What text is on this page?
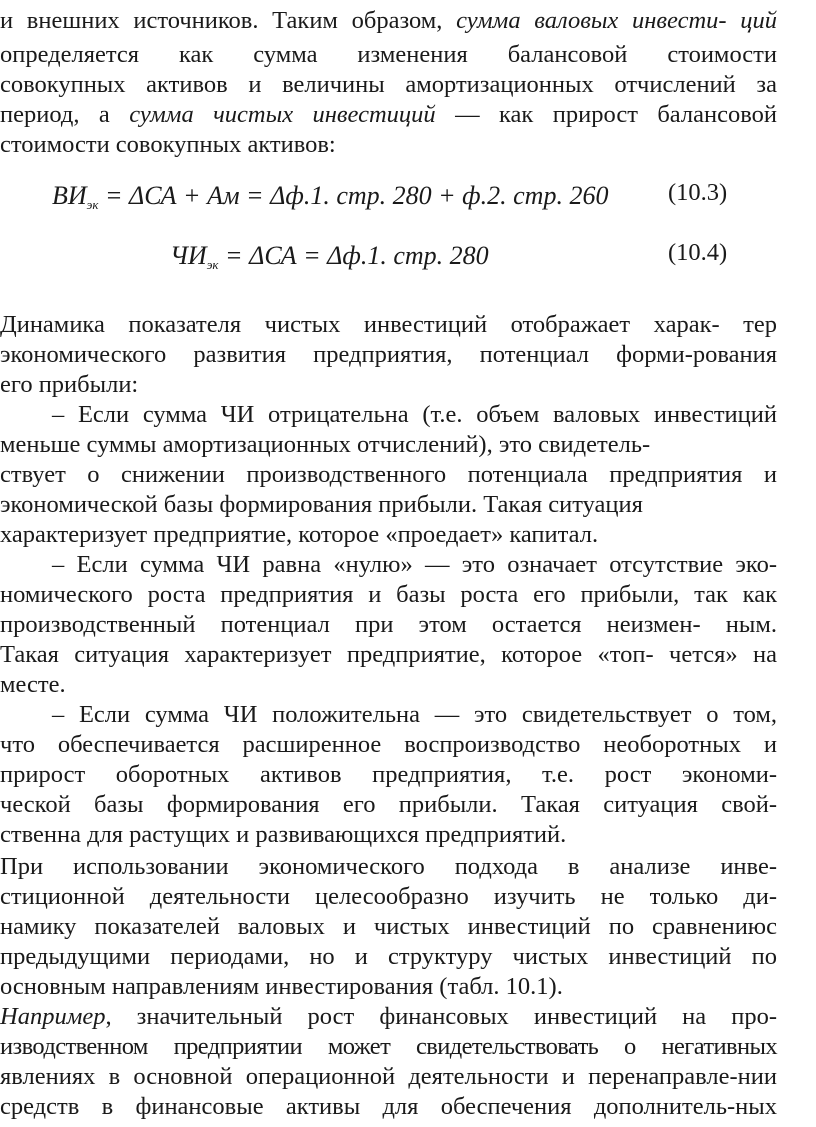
и внешних источников. Таким образом, сумма валовых инвести- ций
определяется как сумма изменения балансовой стоимости
совокупных активов и величины амортизационных отчислений за
период, а сумма чистых инвестиций — как прирост балансовой
стоимости совокупных активов:
$ВИ_{эк} = \Delta СА$ + Ам = Δф.1. стр. 280 + ф.2. стр. 260 (10.3)
$ЧИ_{эк} = \Delta СА = \Delta ф.1$. стр. 280	(10.4)
Динамика показателя чистых инвестиций отображает харак- тер
экономического развития предприятия, потенциал форми-рования
его прибыли:
– Если сумма ЧИ отрицательна (т.е. объем валовых инвестиций
меньше суммы амортизационных отчислений), это свидетель-
ствует о снижении производственного потенциала предприятия и
экономической базы формирования прибыли. Такая ситуация
характеризует предприятие, которое «проедает» капитал.
– Если сумма ЧИ равна «нулю» — это означает отсутствие эко-
номического роста предприятия и базы роста его прибыли, так как
производственный потенциал при этом остается неизмен- ным.
Такая ситуация характеризует предприятие, которое «топ- чется» на
месте.
– Если сумма ЧИ положительна — это свидетельствует о том,
что обеспечивается расширенное воспроизводство необоротных и
прирост оборотных активов предприятия, т.е. рост экономи-
ческой базы формирования его прибыли. Такая ситуация свой-
ственна для растущих и развивающихся предприятий.
При использовании экономического подхода в анализе инве-
стиционной деятельности целесообразно изучить не только ди-
намику показателей валовых и чистых инвестиций по сравнениюс
предыдущими периодами, но и структуру чистых инвестиций по
основным направлениям инвестирования (табл. 10.1).
Например, значительный рост финансовых инвестиций на про-
изводственном предприятии может свидетельствовать о негативных
явлениях в основной операционной деятельности и перенаправле-нии
средств в финансовые активы для обеспечения дополнитель-ных
